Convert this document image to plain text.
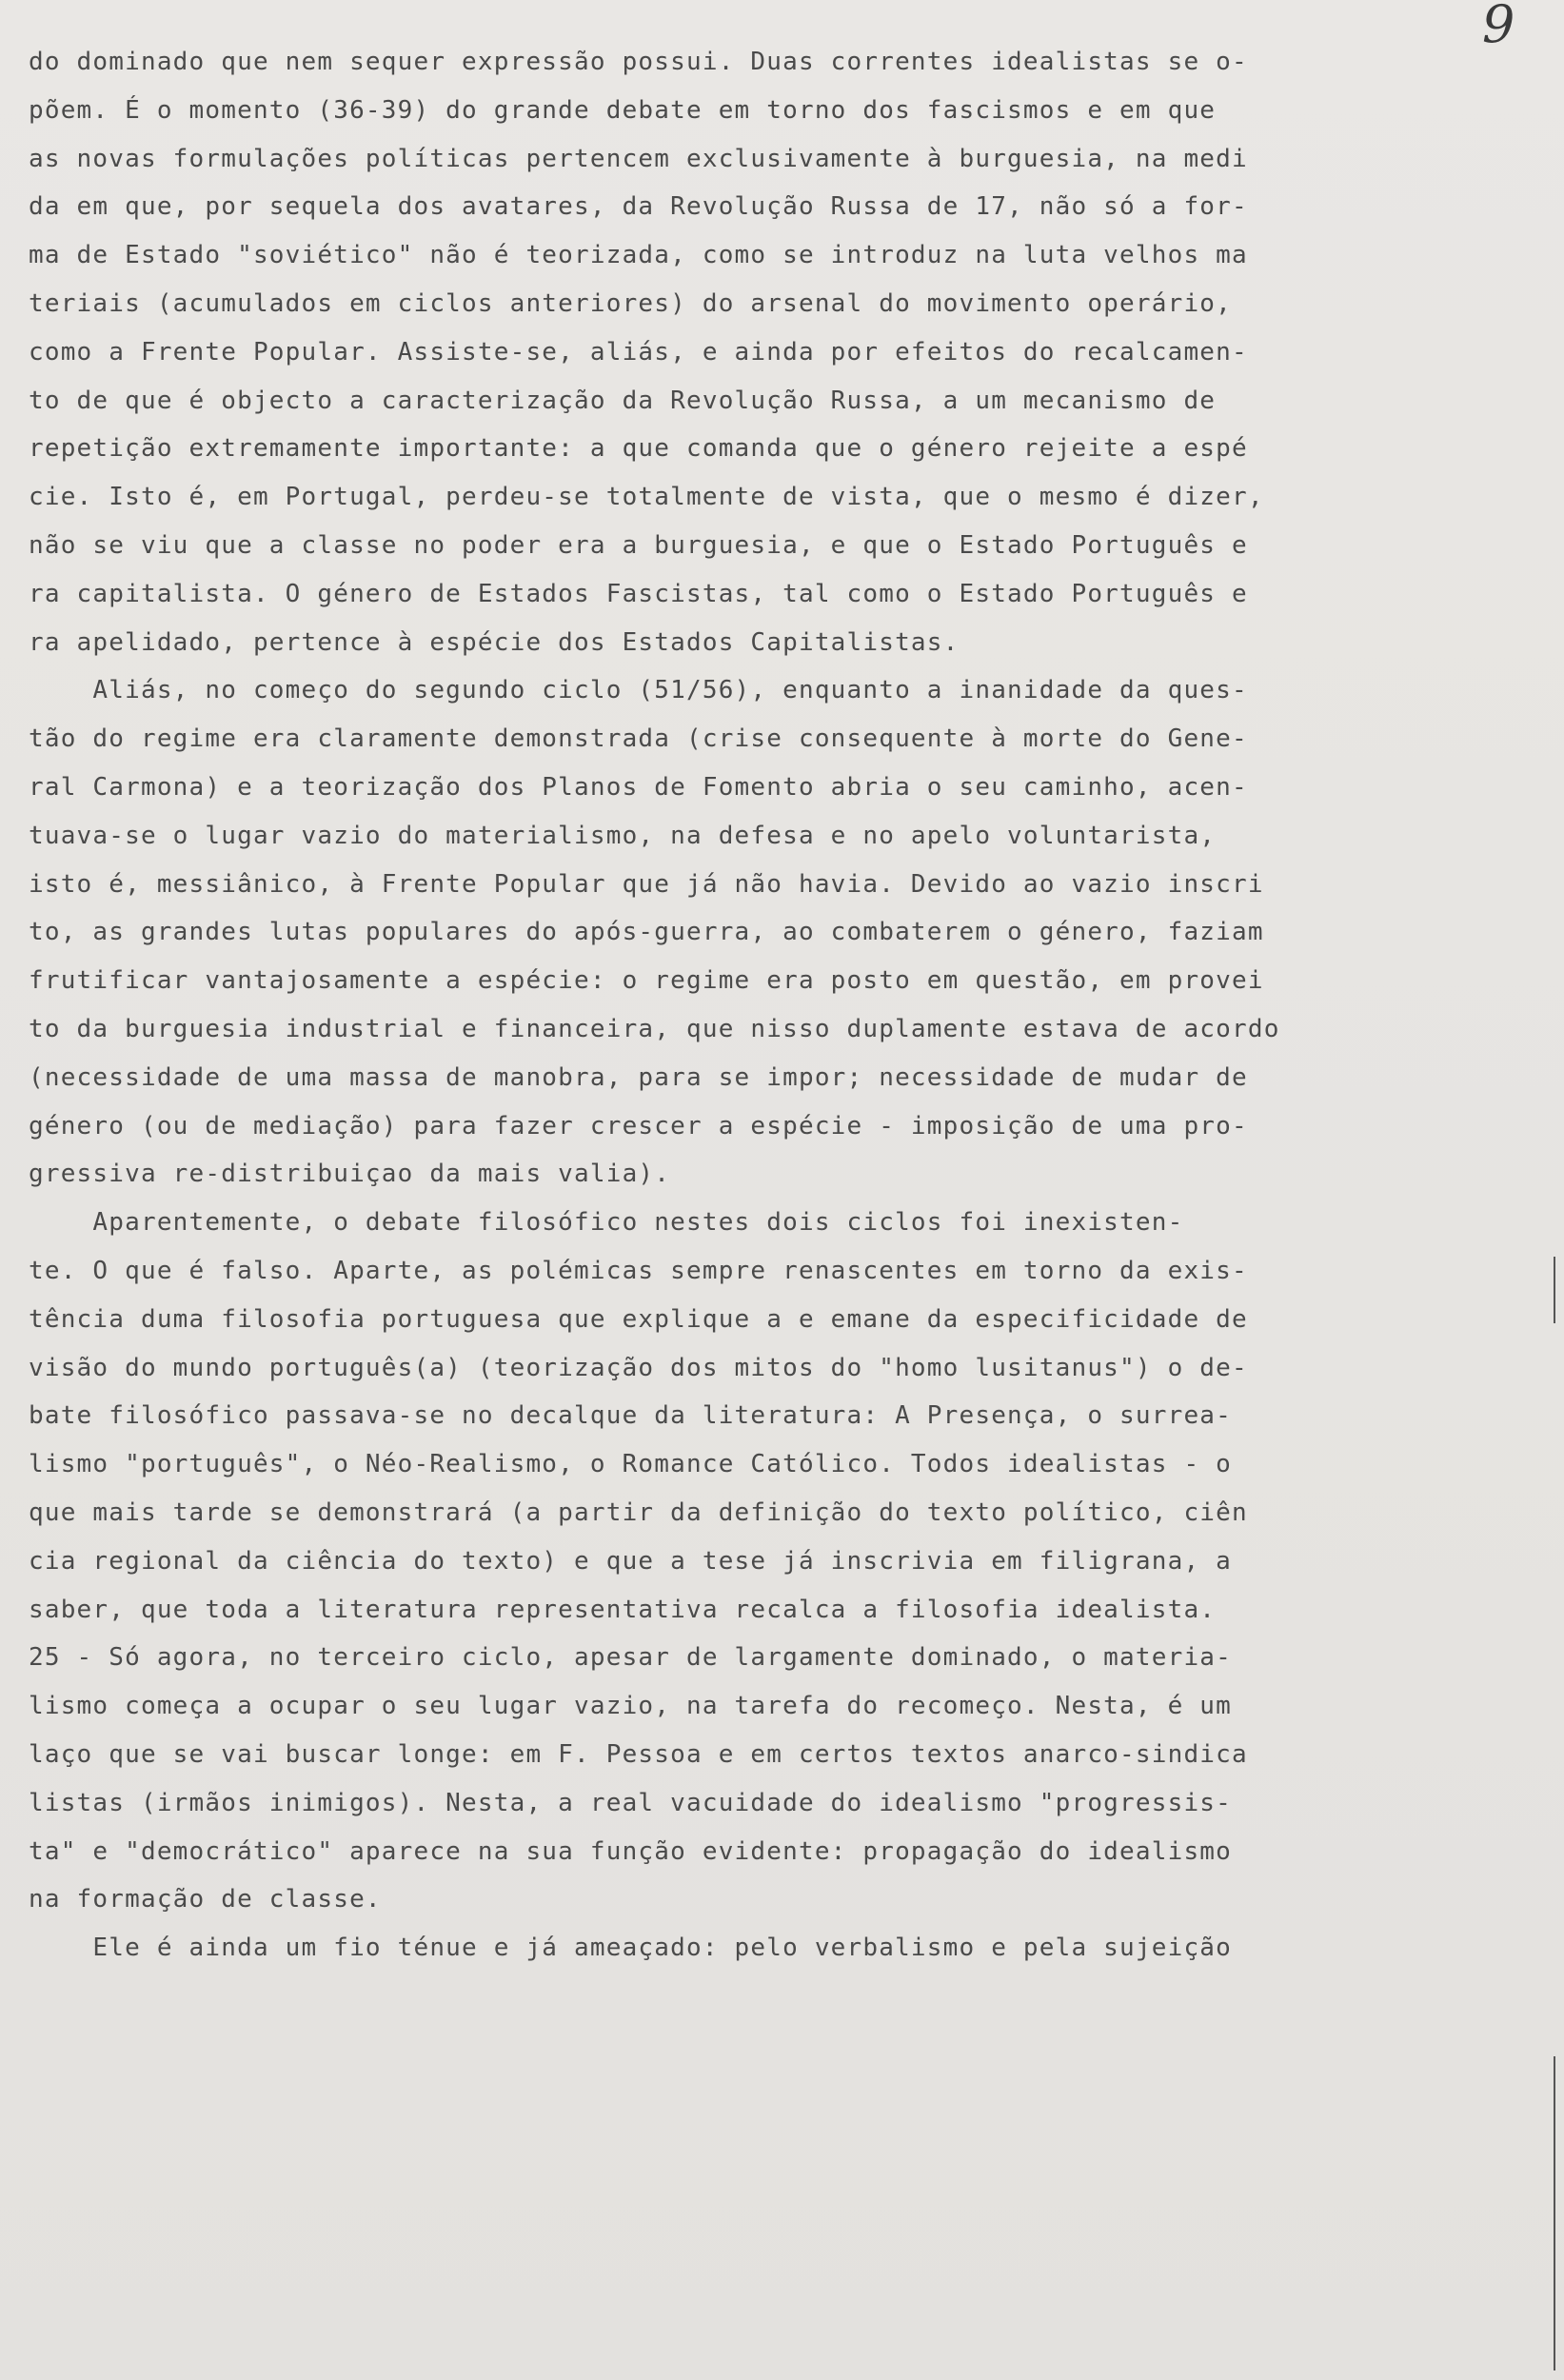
9
do dominado que nem sequer expressão possui. Duas correntes idealistas se o-
põem. É o momento (36-39) do grande debate em torno dos fascismos e em que
as novas formulações políticas pertencem exclusivamente à burguesia, na medi
da em que, por sequela dos avatares, da Revolução Russa de 17, não só a for-
ma de Estado "soviético" não é teorizada, como se introduz na luta velhos ma
teriais (acumulados em ciclos anteriores) do arsenal do movimento operário,
como a Frente Popular. Assiste-se, aliás, e ainda por efeitos do recalcamen-
to de que é objecto a caracterização da Revolução Russa, a um mecanismo de
repetição extremamente importante: a que comanda que o género rejeite a espé
cie. Isto é, em Portugal, perdeu-se totalmente de vista, que o mesmo é dizer,
não se viu que a classe no poder era a burguesia, e que o Estado Português e
ra capitalista. O género de Estados Fascistas, tal como o Estado Português e
ra apelidado, pertence à espécie dos Estados Capitalistas.
Aliás, no começo do segundo ciclo (51/56), enquanto a inanidade da ques-
tão do regime era claramente demonstrada (crise consequente à morte do Gene-
ral Carmona) e a teorização dos Planos de Fomento abria o seu caminho, acen-
tuava-se o lugar vazio do materialismo, na defesa e no apelo voluntarista,
isto é, messiânico, à Frente Popular que já não havia. Devido ao vazio inscri
to, as grandes lutas populares do após-guerra, ao combaterem o género, faziam
frutificar vantajosamente a espécie: o regime era posto em questão, em provei
to da burguesia industrial e financeira, que nisso duplamente estava de acordo
(necessidade de uma massa de manobra, para se impor; necessidade de mudar de
género (ou de mediação) para fazer crescer a espécie - imposição de uma pro-
gressiva re-distribuiçao da mais valia).
Aparentemente, o debate filosófico nestes dois ciclos foi inexisten-
te. O que é falso. Aparte, as polémicas sempre renascentes em torno da exis-
tência duma filosofia portuguesa que explique a e emane da especificidade de
visão do mundo português(a) (teorização dos mitos do "homo lusitanus") o de-
bate filosófico passava-se no decalque da literatura: A Presença, o surrea-
lismo "português", o Néo-Realismo, o Romance Católico. Todos idealistas - o
que mais tarde se demonstrará (a partir da definição do texto político, ciên
cia regional da ciência do texto) e que a tese já inscrivia em filigrana, a
saber, que toda a literatura representativa recalca a filosofia idealista.
25 - Só agora, no terceiro ciclo, apesar de largamente dominado, o materia-
lismo começa a ocupar o seu lugar vazio, na tarefa do recomeço. Nesta, é um
laço que se vai buscar longe: em F. Pessoa e em certos textos anarco-sindica
listas (irmãos inimigos). Nesta, a real vacuidade do idealismo "progressis-
ta" e "democrático" aparece na sua função evidente: propagação do idealismo
na formação de classe.
Ele é ainda um fio ténue e já ameaçado: pelo verbalismo e pela sujeição
